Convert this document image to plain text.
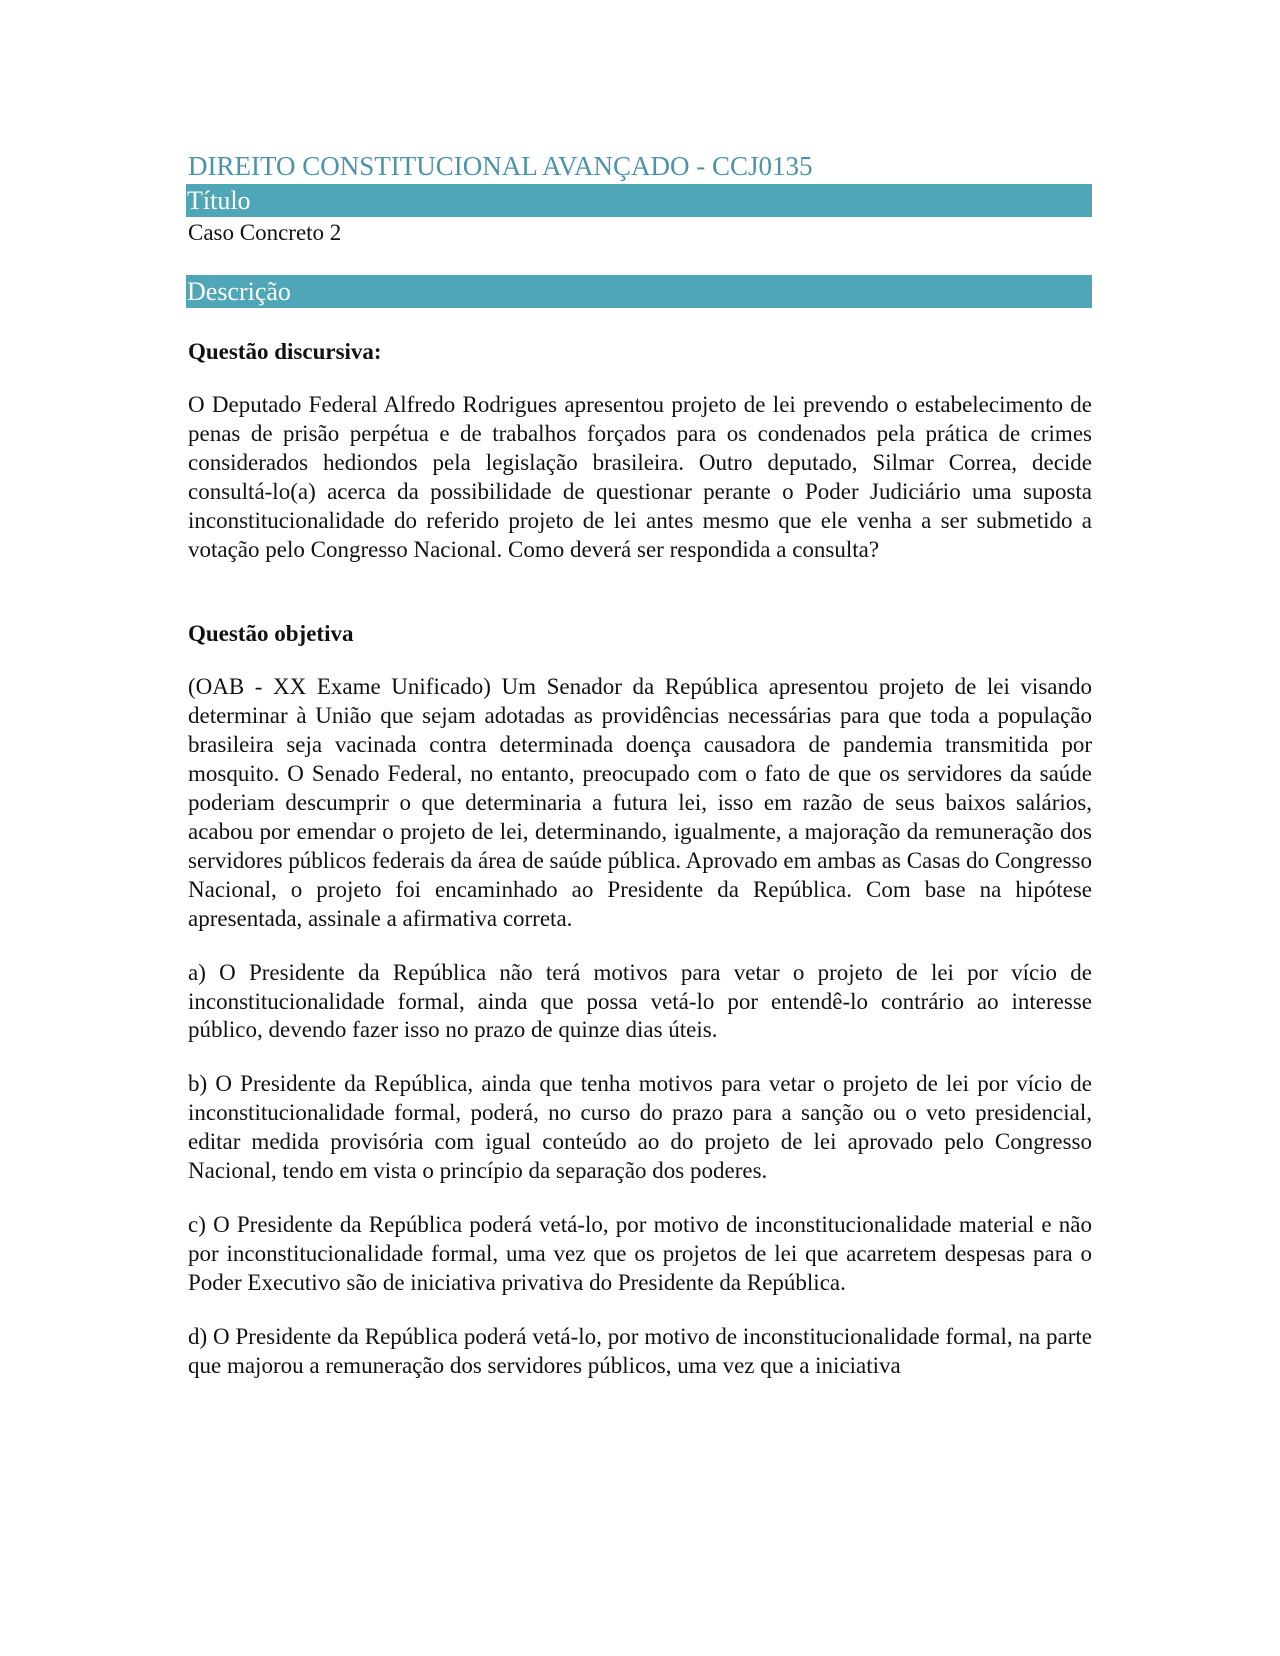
DIREITO CONSTITUCIONAL AVANÇADO - CCJ0135
Título
Caso Concreto 2
Descrição
Questão discursiva:

O Deputado Federal Alfredo Rodrigues apresentou projeto de lei prevendo o estabelecimento de penas de prisão perpétua e de trabalhos forçados para os condenados pela prática de crimes considerados hediondos pela legislação brasileira. Outro deputado, Silmar Correa, decide consultá-lo(a) acerca da possibilidade de questionar perante o Poder Judiciário uma suposta inconstitucionalidade do referido projeto de lei antes mesmo que ele venha a ser submetido a votação pelo Congresso Nacional. Como deverá ser respondida a consulta?

Questão objetiva

(OAB - XX Exame Unificado) Um Senador da República apresentou projeto de lei visando determinar à União que sejam adotadas as providências necessárias para que toda a população brasileira seja vacinada contra determinada doença causadora de pandemia transmitida por mosquito. O Senado Federal, no entanto, preocupado com o fato de que os servidores da saúde poderiam descumprir o que determinaria a futura lei, isso em razão de seus baixos salários, acabou por emendar o projeto de lei, determinando, igualmente, a majoração da remuneração dos servidores públicos federais da área de saúde pública. Aprovado em ambas as Casas do Congresso Nacional, o projeto foi encaminhado ao Presidente da República. Com base na hipótese apresentada, assinale a afirmativa correta.

a) O Presidente da República não terá motivos para vetar o projeto de lei por vício de inconstitucionalidade formal, ainda que possa vetá-lo por entendê-lo contrário ao interesse público, devendo fazer isso no prazo de quinze dias úteis.

b) O Presidente da República, ainda que tenha motivos para vetar o projeto de lei por vício de inconstitucionalidade formal, poderá, no curso do prazo para a sanção ou o veto presidencial, editar medida provisória com igual conteúdo ao do projeto de lei aprovado pelo Congresso Nacional, tendo em vista o princípio da separação dos poderes.

c) O Presidente da República poderá vetá-lo, por motivo de inconstitucionalidade material e não por inconstitucionalidade formal, uma vez que os projetos de lei que acarretem despesas para o Poder Executivo são de iniciativa privativa do Presidente da República.

d) O Presidente da República poderá vetá-lo, por motivo de inconstitucionalidade formal, na parte que majorou a remuneração dos servidores públicos, uma vez que a iniciativa
